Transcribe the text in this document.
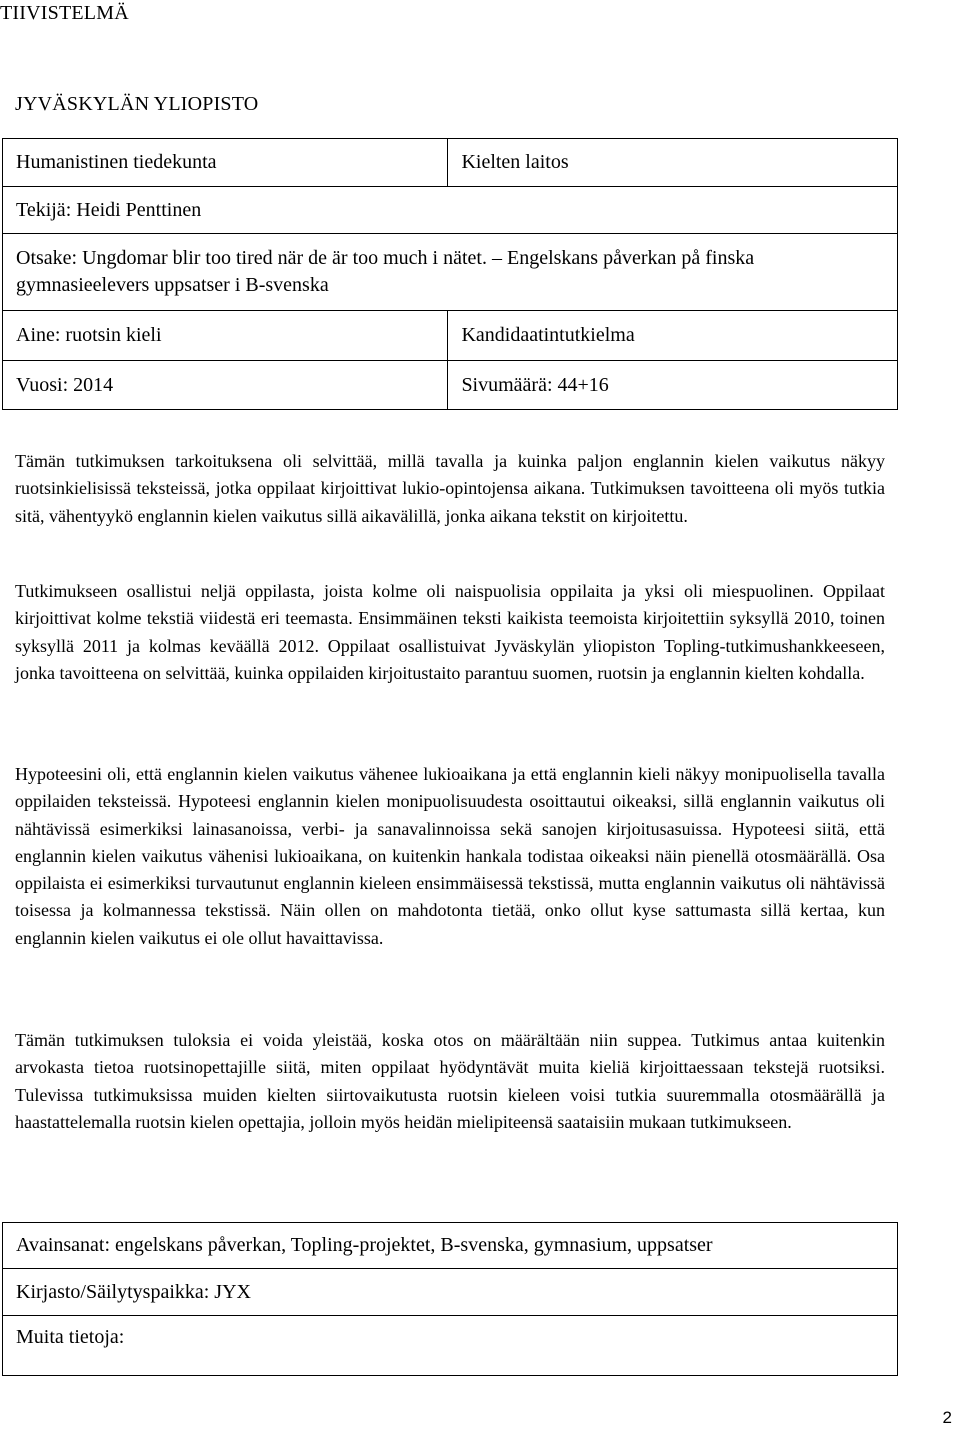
TIIVISTELMÄ
JYVÄSKYLÄN YLIOPISTO
Humanistinen tiedekunta	Kielten laitos
Tekijä: Heidi Penttinen	
Otsake: Ungdomar blir too tired när de är too much i nätet. – Engelskans påverkan på finska gymnasieelevers uppsatser i B-svenska	
Aine: ruotsin kieli	Kandidaatintutkielma
Vuosi: 2014	Sivumäärä: 44+16

Tämän tutkimuksen tarkoituksena oli selvittää, millä tavalla ja kuinka paljon englannin kielen vaikutus näkyy ruotsinkielisissä teksteissä, jotka oppilaat kirjoittivat lukio-opintojensa aikana. Tutkimuksen tavoitteena oli myös tutkia sitä, vähentyykö englannin kielen vaikutus sillä aikavälillä, jonka aikana tekstit on kirjoitettu.

Tutkimukseen osallistui neljä oppilasta, joista kolme oli naispuolisia oppilaita ja yksi oli miespuolinen. Oppilaat kirjoittivat kolme tekstiä viidestä eri teemasta. Ensimmäinen teksti kaikista teemoista kirjoitettiin syksyllä 2010, toinen syksyllä 2011 ja kolmas keväällä 2012. Oppilaat osallistuivat Jyväskylän yliopiston Topling-tutkimushankkeeseen, jonka tavoitteena on selvittää, kuinka oppilaiden kirjoitustaito parantuu suomen, ruotsin ja englannin kielten kohdalla.

Hypoteesini oli, että englannin kielen vaikutus vähenee lukioaikana ja että englannin kieli näkyy monipuolisella tavalla oppilaiden teksteissä. Hypoteesi englannin kielen monipuolisuudesta osoittautui oikeaksi, sillä englannin vaikutus oli nähtävissä esimerkiksi lainasanoissa, verbi- ja sanavalinnoissa sekä sanojen kirjoitusasuissa. Hypoteesi siitä, että englannin kielen vaikutus vähenisi lukioaikana, on kuitenkin hankala todistaa oikeaksi näin pienellä otosmäärällä. Osa oppilaista ei esimerkiksi turvautunut englannin kieleen ensimmäisessä tekstissä, mutta englannin vaikutus oli nähtävissä toisessa ja kolmannessa tekstissä. Näin ollen on mahdotonta tietää, onko ollut kyse sattumasta sillä kertaa, kun englannin kielen vaikutus ei ole ollut havaittavissa.

Tämän tutkimuksen tuloksia ei voida yleistää, koska otos on määrältään niin suppea. Tutkimus antaa kuitenkin arvokasta tietoa ruotsinopettajille siitä, miten oppilaat hyödyntävät muita kieliä kirjoittaessaan tekstejä ruotsiksi. Tulevissa tutkimuksissa muiden kielten siirtovaikutusta ruotsin kieleen voisi tutkia suuremmalla otosmäärällä ja haastattelemalla ruotsin kielen opettajia, jolloin myös heidän mielipiteensä saataisiin mukaan tutkimukseen.

Avainsanat: engelskans påverkan, Topling-projektet, B-svenska, gymnasium, uppsatser
Kirjasto/Säilytyspaikka: JYX
Muita tietoja:
2
